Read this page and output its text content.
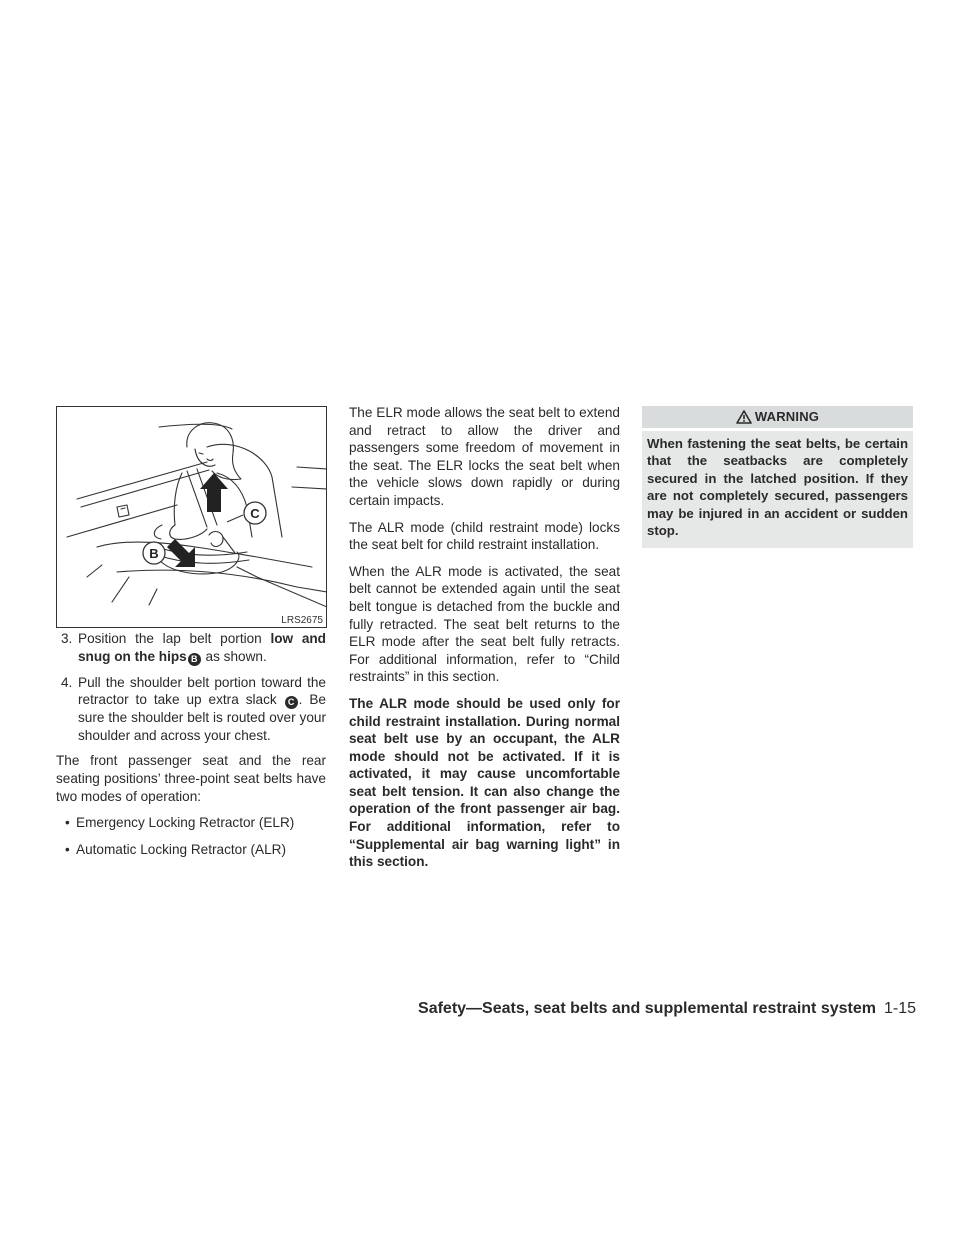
C
B
LRS2675
3. Position the lap belt portion low and snug on the hips B as shown.
4. Pull the shoulder belt portion toward the retractor to take up extra slack C . Be sure the shoulder belt is routed over your shoulder and across your chest.

The front passenger seat and the rear seating positions’ three-point seat belts have two modes of operation:

• Emergency Locking Retractor (ELR)
• Automatic Locking Retractor (ALR)

The ELR mode allows the seat belt to extend and retract to allow the driver and passengers some freedom of movement in the seat. The ELR locks the seat belt when the vehicle slows down rapidly or during certain impacts.

The ALR mode (child restraint mode) locks the seat belt for child restraint installation.

When the ALR mode is activated, the seat belt cannot be extended again until the seat belt tongue is detached from the buckle and fully retracted. The seat belt returns to the ELR mode after the seat belt fully retracts. For additional information, refer to “Child restraints” in this section.

The ALR mode should be used only for child restraint installation. During normal seat belt use by an occupant, the ALR mode should not be activated. If it is activated, it may cause uncomfortable seat belt tension. It can also change the operation of the front passenger air bag. For additional information, refer to “Supplemental air bag warning light” in this section.

WARNING
When fastening the seat belts, be certain that the seatbacks are completely secured in the latched position. If they are not completely secured, passengers may be injured in an accident or sudden stop.
Safety—Seats, seat belts and supplemental restraint system 1-15
